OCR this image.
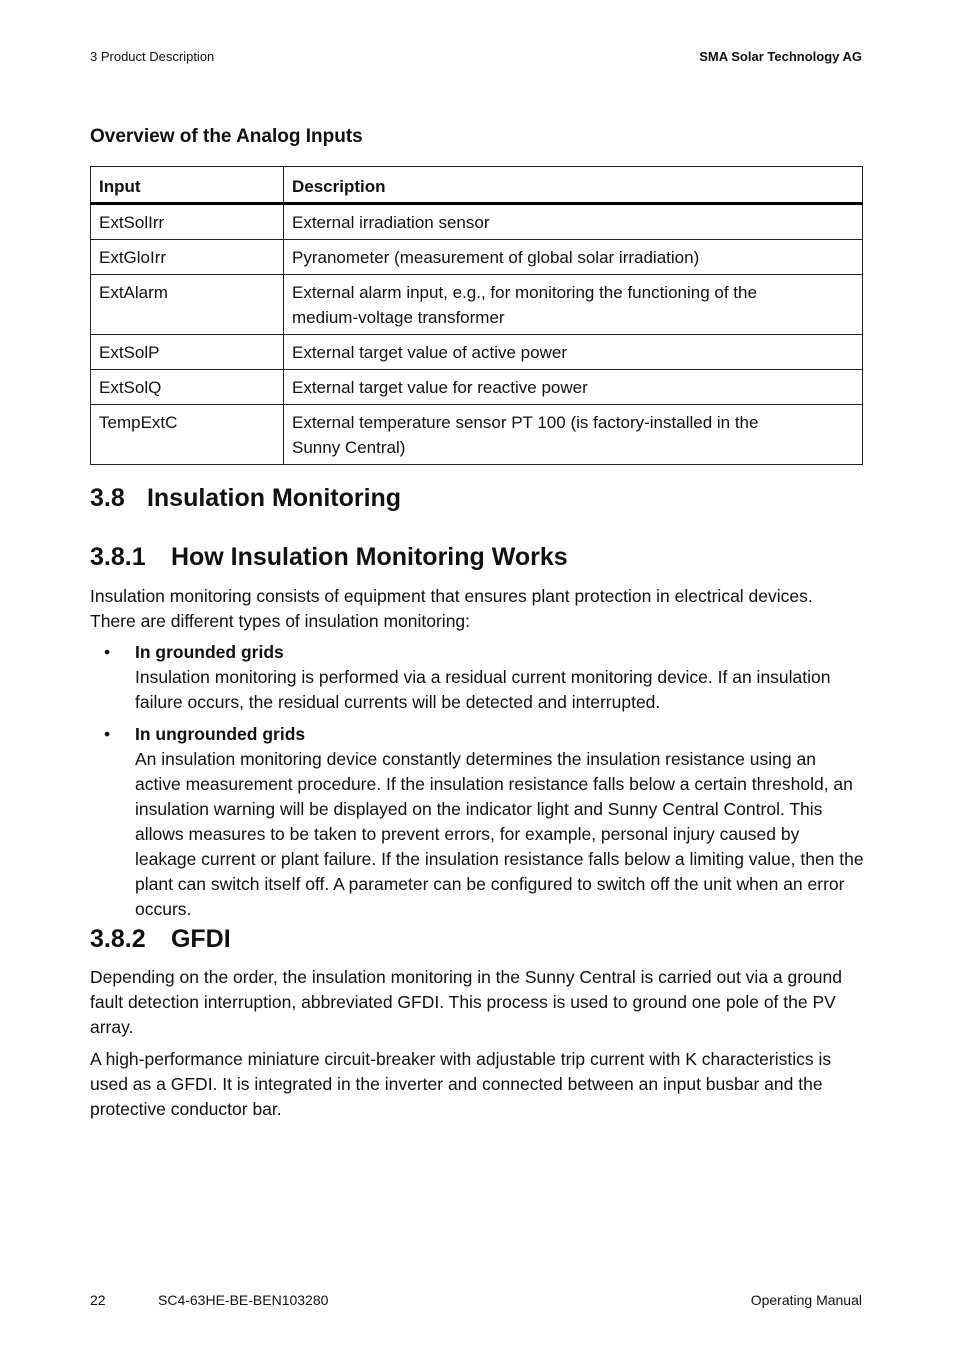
3 Product Description	SMA Solar Technology AG
Overview of the Analog Inputs
Input	Description
ExtSolIrr	External irradiation sensor
ExtGloIrr	Pyranometer (measurement of global solar irradiation)
ExtAlarm	External alarm input, e.g., for monitoring the functioning of the medium-voltage transformer
ExtSolP	External target value of active power
ExtSolQ	External target value for reactive power
TempExtC	External temperature sensor PT 100 (is factory-installed in the Sunny Central)
3.8 Insulation Monitoring
3.8.1 How Insulation Monitoring Works

Insulation monitoring consists of equipment that ensures plant protection in electrical devices. There are different types of insulation monitoring:

• In grounded grids
Insulation monitoring is performed via a residual current monitoring device. If an insulation failure occurs, the residual currents will be detected and interrupted.
• In ungrounded grids
An insulation monitoring device constantly determines the insulation resistance using an active measurement procedure. If the insulation resistance falls below a certain threshold, an insulation warning will be displayed on the indicator light and Sunny Central Control. This allows measures to be taken to prevent errors, for example, personal injury caused by leakage current or plant failure. If the insulation resistance falls below a limiting value, then the plant can switch itself off. A parameter can be configured to switch off the unit when an error occurs.
3.8.2 GFDI

Depending on the order, the insulation monitoring in the Sunny Central is carried out via a ground fault detection interruption, abbreviated GFDI. This process is used to ground one pole of the PV array.

A high-performance miniature circuit-breaker with adjustable trip current with K characteristics is used as a GFDI. It is integrated in the inverter and connected between an input busbar and the protective conductor bar.

22	SC4-63HE-BE-BEN103280	Operating Manual
